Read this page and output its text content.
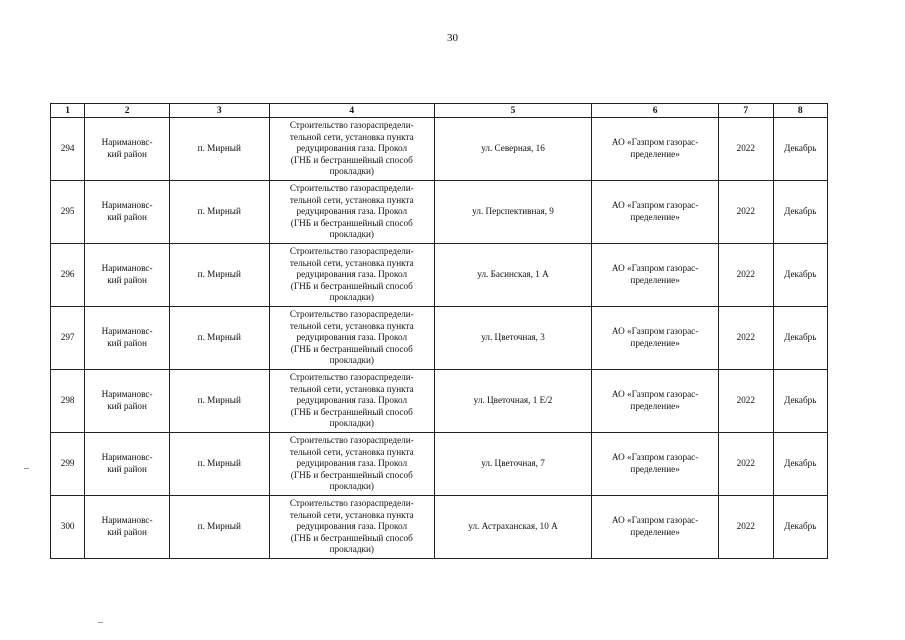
30
1	2	3	4	5	6	7	8
294	Наримановс-
кий район	п. Мирный	Строительство газораспредели-
тельной сети, установка пункта
редуцирования газа. Прокол
(ГНБ и бестраншейный способ
прокладки)	ул. Северная, 16	АО «Газпром газорас-
пределение»	2022	Декабрь
295	Наримановс-
кий район	п. Мирный	Строительство газораспредели-
тельной сети, установка пункта
редуцирования газа. Прокол
(ГНБ и бестраншейный способ
прокладки)	ул. Перспективная, 9	АО «Газпром газорас-
пределение»	2022	Декабрь
296	Наримановс-
кий район	п. Мирный	Строительство газораспредели-
тельной сети, установка пункта
редуцирования газа. Прокол
(ГНБ и бестраншейный способ
прокладки)	ул. Басинская, 1 А	АО «Газпром газорас-
пределение»	2022	Декабрь
297	Наримановс-
кий район	п. Мирный	Строительство газораспредели-
тельной сети, установка пункта
редуцирования газа. Прокол
(ГНБ и бестраншейный способ
прокладки)	ул. Цветочная, 3	АО «Газпром газорас-
пределение»	2022	Декабрь
298	Наримановс-
кий район	п. Мирный	Строительство газораспредели-
тельной сети, установка пункта
редуцирования газа. Прокол
(ГНБ и бестраншейный способ
прокладки)	ул. Цветочная, 1 Е/2	АО «Газпром газорас-
пределение»	2022	Декабрь
299	Наримановс-
кий район	п. Мирный	Строительство газораспредели-
тельной сети, установка пункта
редуцирования газа. Прокол
(ГНБ и бестраншейный способ
прокладки)	ул. Цветочная, 7	АО «Газпром газорас-
пределение»	2022	Декабрь
300	Наримановс-
кий район	п. Мирный	Строительство газораспредели-
тельной сети, установка пункта
редуцирования газа. Прокол
(ГНБ и бестраншейный способ
прокладки)	ул. Астраханская, 10 А	АО «Газпром газорас-
пределение»	2022	Декабрь
